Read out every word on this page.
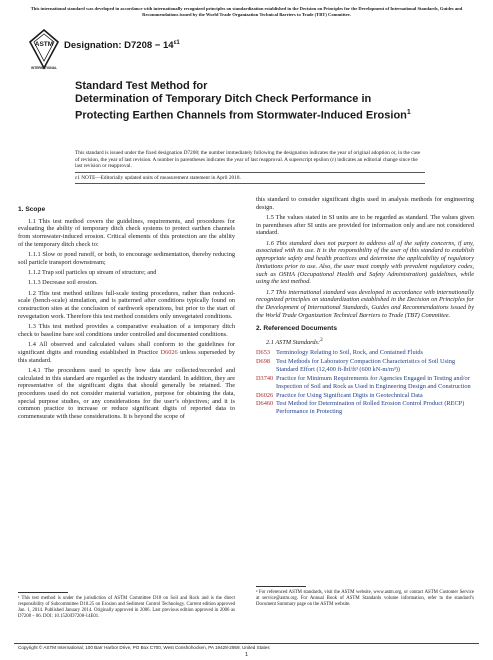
This international standard was developed in accordance with internationally recognized principles on standardization established in the Decision on Principles for the Development of International Standards, Guides and Recommendations issued by the World Trade Organization Technical Barriers to Trade (TBT) Committee.
ASTM
INTERNATIONAL
Designation: $D7208 - 14^{\varepsilon 1}$
Standard Test Method for
Determination of Temporary Ditch Check Performance in Protecting Earthen Channels from Stormwater-Induced Erosion$^1$
This standard is issued under the fixed designation D7208; the number immediately following the designation indicates the year of original adoption or, in the case of revision, the year of last revision. A number in parentheses indicates the year of last reapproval. A superscript epsilon (ε) indicates an editorial change since the last revision or reapproval.
ε1 NOTE—Editorially updated units of measurement statement in April 2018.
1. Scope

1.1 This test method covers the guidelines, requirements, and procedures for evaluating the ability of temporary ditch check systems to protect earthen channels from stormwater-induced erosion. Critical elements of this protection are the ability of the temporary ditch check to:

1.1.1 Slow or pond runoff, or both, to encourage sedimentation, thereby reducing soil particle transport downstream;

1.1.2 Trap soil particles up stream of structure; and

1.1.3 Decrease soil erosion.

1.2 This test method utilizes full-scale testing procedures, rather than reduced-scale (bench-scale) simulation, and is patterned after conditions typically found on construction sites at the conclusion of earthwork operations, but prior to the start of revegetation work. Therefore this test method considers only unvegetated conditions.

1.3 This test method provides a comparative evaluation of a temporary ditch check to baseline bare soil conditions under controlled and documented conditions.

1.4 All observed and calculated values shall conform to the guidelines for significant digits and rounding established in Practice D6026 unless superseded by this standard.

1.4.1 The procedures used to specify how data are collected/recorded and calculated in this standard are regarded as the industry standard. In addition, they are representative of the significant digits that should generally be retained. The procedures used do not consider material variation, purpose for obtaining the data, special purpose studies, or any considerations for the user’s objectives; and it is common practice to increase or reduce significant digits of reported data to commensurate with these considerations. It is beyond the scope of

this standard to consider significant digits used in analysis methods for engineering design.

1.5 The values stated in SI units are to be regarded as standard. The values given in parentheses after SI units are provided for information only and are not considered standard.

1.6 This standard does not purport to address all of the safety concerns, if any, associated with its use. It is the responsibility of the user of this standard to establish appropriate safety and health practices and determine the applicability of regulatory limitations prior to use. Also, the user must comply with prevalent regulatory codes, such as OSHA (Occupational Health and Safety Administration) guidelines, while using the test method.

1.7 This international standard was developed in accordance with internationally recognized principles on standardization established in the Decision on Principles for the Development of International Standards, Guides and Recommendations issued by the World Trade Organization Technical Barriers to Trade (TBT) Committee.

2. Referenced Documents

2.1 ASTM Standards:$^2$

D653 Terminology Relating to Soil, Rock, and Contained Fluids
D698 Test Methods for Laboratory Compaction Characteristics of Soil Using Standard Effort (12,400 ft-lbf/ft³ (600 kN-m/m³))
D3740 Practice for Minimum Requirements for Agencies Engaged in Testing and/or Inspection of Soil and Rock as Used in Engineering Design and Construction
D6026 Practice for Using Significant Digits in Geotechnical Data
D6460 Test Method for Determination of Rolled Erosion Control Product (RECP) Performance in Protecting
¹ This test method is under the jurisdiction of ASTM Committee D18 on Soil and Rock and is the direct responsibility of Subcommittee D18.25 on Erosion and Sediment Control Technology. Current edition approved Jan. 1, 2014. Published January 2014. Originally approved in 2006. Last previous edition approved in 2006 as D7208 – 06. DOI: 10.1520/D7208-14E01.
² For referenced ASTM standards, visit the ASTM website, www.astm.org, or contact ASTM Customer Service at service@astm.org. For Annual Book of ASTM Standards volume information, refer to the standard’s Document Summary page on the ASTM website.
Copyright © ASTM International, 100 Barr Harbor Drive, PO Box C700, West Conshohocken, PA 19428-2959. United States
1
